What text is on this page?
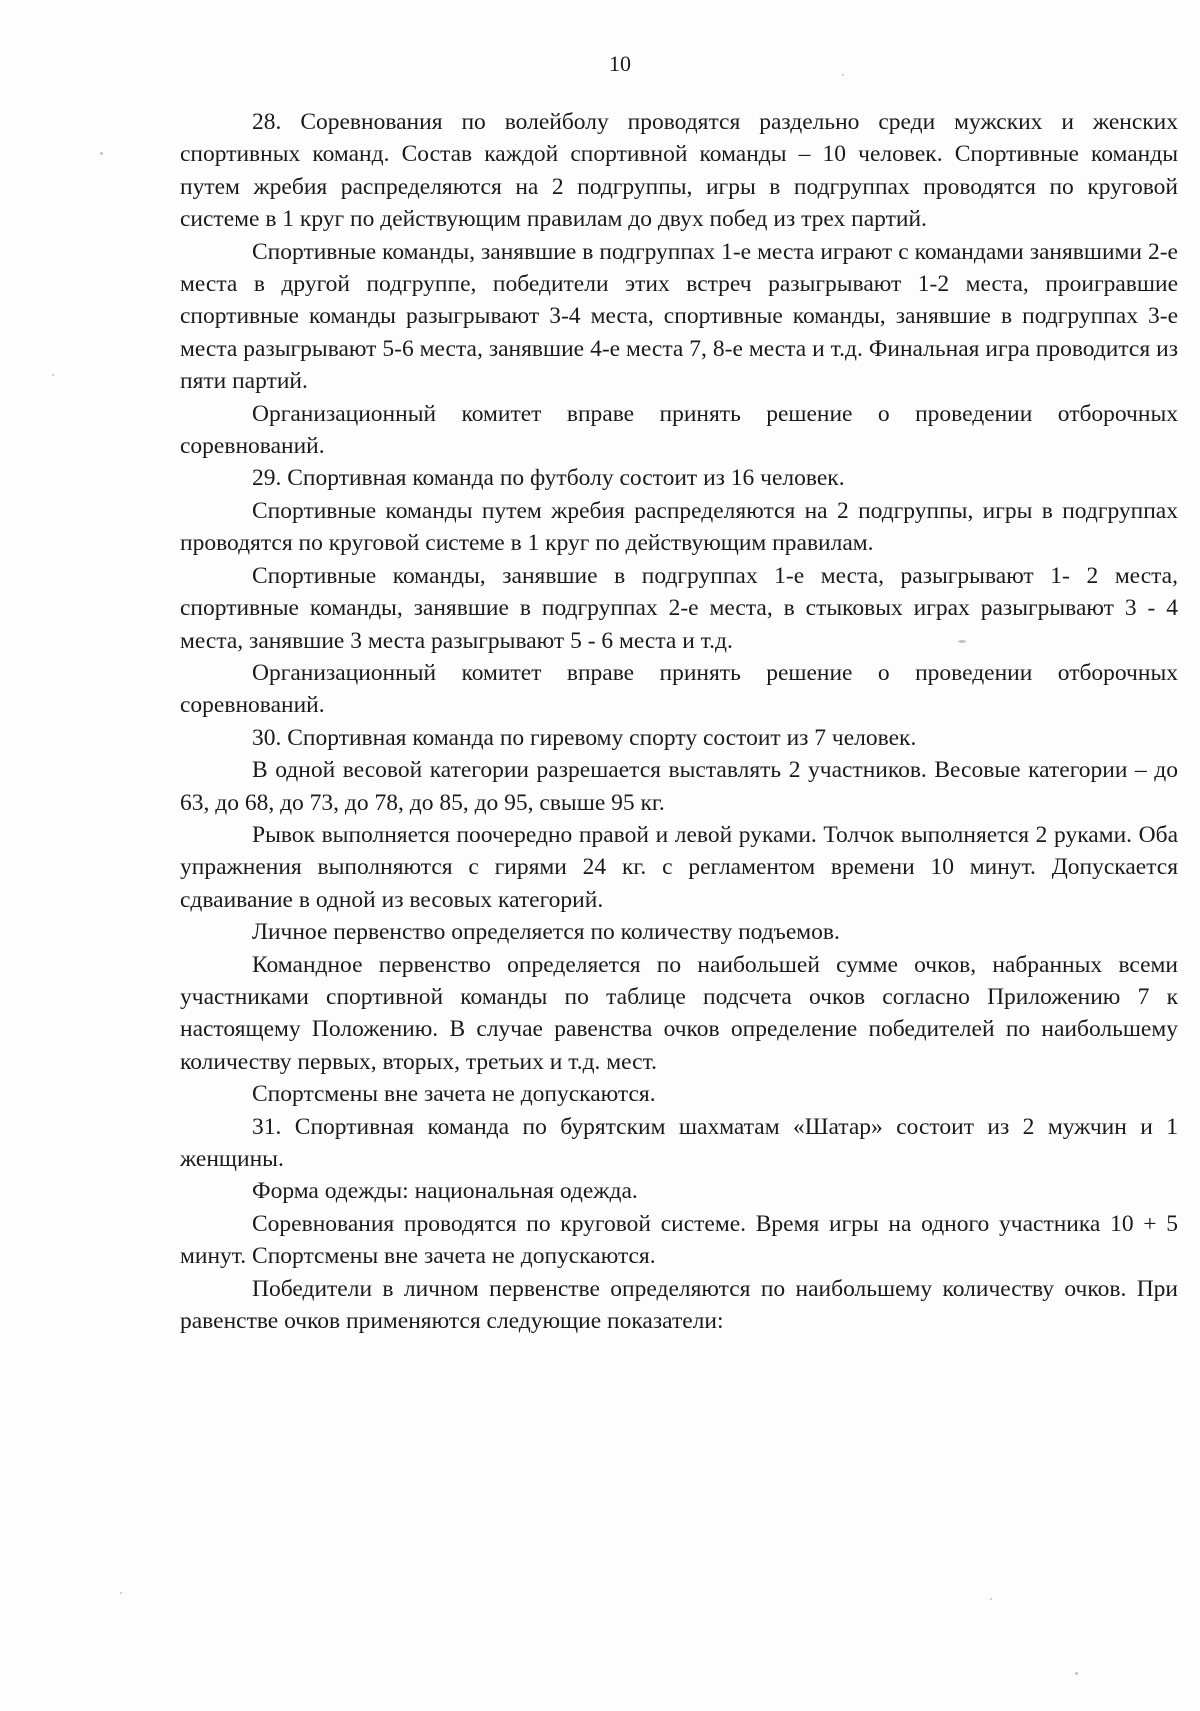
10

28. Соревнования по волейболу проводятся раздельно среди мужских и женских спортивных команд. Состав каждой спортивной команды – 10 человек. Спортивные команды путем жребия распределяются на 2 подгруппы, игры в подгруппах проводятся по круговой системе в 1 круг по действующим правилам до двух побед из трех партий.

Спортивные команды, занявшие в подгруппах 1-е места играют с командами занявшими 2-е места в другой подгруппе, победители этих встреч разыгрывают 1-2 места, проигравшие спортивные команды разыгрывают 3-4 места, спортивные команды, занявшие в подгруппах 3-е места разыгрывают 5-6 места, занявшие 4-е места 7, 8-е места и т.д. Финальная игра проводится из пяти партий.

Организационный комитет вправе принять решение о проведении отборочных соревнований.

29. Спортивная команда по футболу состоит из 16 человек.

Спортивные команды путем жребия распределяются на 2 подгруппы, игры в подгруппах проводятся по круговой системе в 1 круг по действующим правилам.

Спортивные команды, занявшие в подгруппах 1-е места, разыгрывают 1- 2 места, спортивные команды, занявшие в подгруппах 2-е места, в стыковых играх разыгрывают 3 - 4 места, занявшие 3 места разыгрывают 5 - 6 места и т.д.

Организационный комитет вправе принять решение о проведении отборочных соревнований.

30. Спортивная команда по гиревому спорту состоит из 7 человек.

В одной весовой категории разрешается выставлять 2 участников. Весовые категории – до 63, до 68, до 73, до 78, до 85, до 95, свыше 95 кг.

Рывок выполняется поочередно правой и левой руками. Толчок выполняется 2 руками. Оба упражнения выполняются с гирями 24 кг. с регламентом времени 10 минут. Допускается сдваивание в одной из весовых категорий.

Личное первенство определяется по количеству подъемов.

Командное первенство определяется по наибольшей сумме очков, набранных всеми участниками спортивной команды по таблице подсчета очков согласно Приложению 7 к настоящему Положению. В случае равенства очков определение победителей по наибольшему количеству первых, вторых, третьих и т.д. мест.

Спортсмены вне зачета не допускаются.

31. Спортивная команда по бурятским шахматам «Шатар» состоит из 2 мужчин и 1 женщины.

Форма одежды: национальная одежда.

Соревнования проводятся по круговой системе. Время игры на одного участника 10 + 5 минут. Спортсмены вне зачета не допускаются.

Победители в личном первенстве определяются по наибольшему количеству очков. При равенстве очков применяются следующие показатели:
